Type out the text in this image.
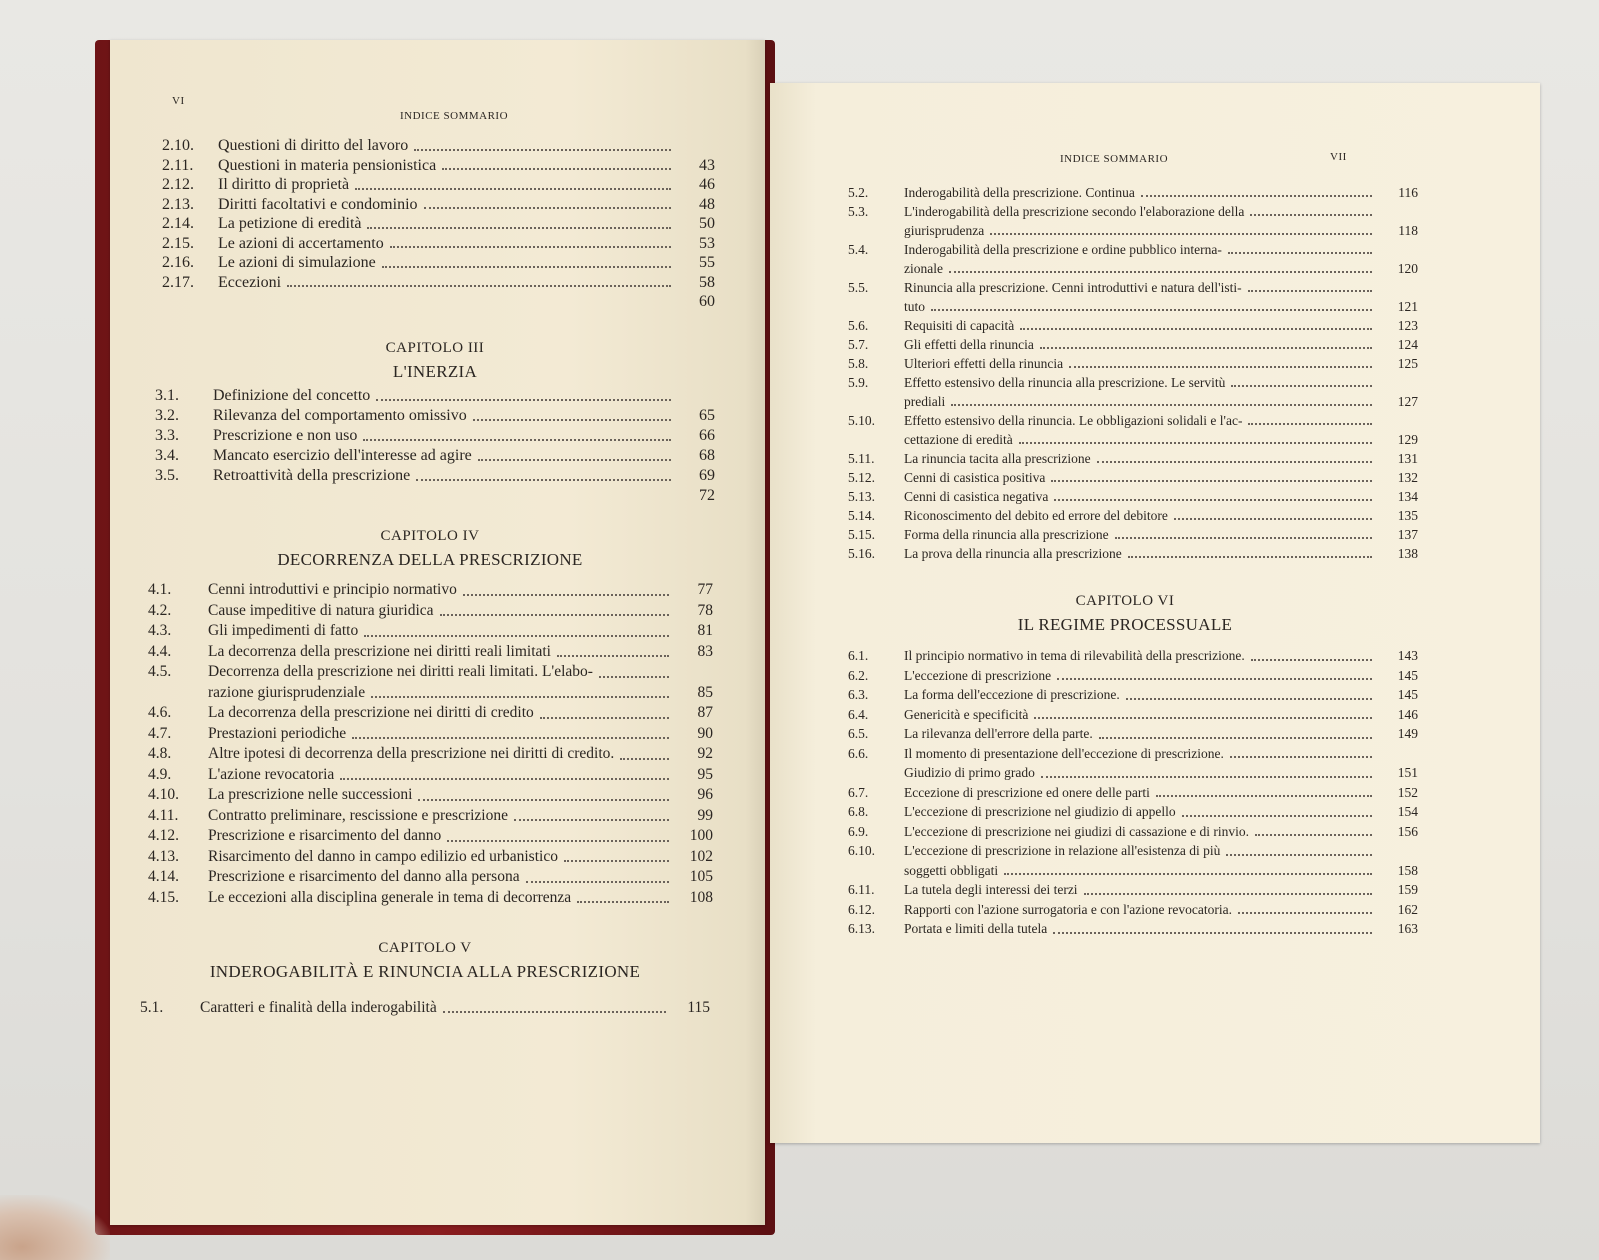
VI
INDICE SOMMARIO
2.10.	Questioni di diritto del lavoro
2.11.	Questioni in materia pensionistica	43
2.12.	Il diritto di proprietà	46
2.13.	Diritti facoltativi e condominio	48
2.14.	La petizione di eredità	50
2.15.	Le azioni di accertamento	53
2.16.	Le azioni di simulazione	55
2.17.	Eccezioni	58
60
CAPITOLO III
L'INERZIA
3.1.	Definizione del concetto
3.2.	Rilevanza del comportamento omissivo	65
3.3.	Prescrizione e non uso	66
3.4.	Mancato esercizio dell'interesse ad agire	68
3.5.	Retroattività della prescrizione	69
72
CAPITOLO IV
DECORRENZA DELLA PRESCRIZIONE
4.1.	Cenni introduttivi e principio normativo	77
4.2.	Cause impeditive di natura giuridica	78
4.3.	Gli impedimenti di fatto	81
4.4.	La decorrenza della prescrizione nei diritti reali limitati	83
4.5.	Decorrenza della prescrizione nei diritti reali limitati. L'elabo-
razione giurisprudenziale	85
4.6.	La decorrenza della prescrizione nei diritti di credito	87
4.7.	Prestazioni periodiche	90
4.8.	Altre ipotesi di decorrenza della prescrizione nei diritti di credito.	92
4.9.	L'azione revocatoria	95
4.10.	La prescrizione nelle successioni	96
4.11.	Contratto preliminare, rescissione e prescrizione	99
4.12.	Prescrizione e risarcimento del danno	100
4.13.	Risarcimento del danno in campo edilizio ed urbanistico	102
4.14.	Prescrizione e risarcimento del danno alla persona	105
4.15.	Le eccezioni alla disciplina generale in tema di decorrenza	108
CAPITOLO V
INDEROGABILITÀ E RINUNCIA ALLA PRESCRIZIONE
5.1.	Caratteri e finalità della inderogabilità	115
INDICE SOMMARIO	VII
5.2.	Inderogabilità della prescrizione. Continua	116
5.3.	L'inderogabilità della prescrizione secondo l'elaborazione della
giurisprudenza	118
5.4.	Inderogabilità della prescrizione e ordine pubblico interna-
zionale	120
5.5.	Rinuncia alla prescrizione. Cenni introduttivi e natura dell'isti-
tuto	121
5.6.	Requisiti di capacità	123
5.7.	Gli effetti della rinuncia	124
5.8.	Ulteriori effetti della rinuncia	125
5.9.	Effetto estensivo della rinuncia alla prescrizione. Le servitù
prediali	127
5.10.	Effetto estensivo della rinuncia. Le obbligazioni solidali e l'ac-
cettazione di eredità	129
5.11.	La rinuncia tacita alla prescrizione	131
5.12.	Cenni di casistica positiva	132
5.13.	Cenni di casistica negativa	134
5.14.	Riconoscimento del debito ed errore del debitore	135
5.15.	Forma della rinuncia alla prescrizione	137
5.16.	La prova della rinuncia alla prescrizione	138
CAPITOLO VI
IL REGIME PROCESSUALE
6.1.	Il principio normativo in tema di rilevabilità della prescrizione.	143
6.2.	L'eccezione di prescrizione	145
6.3.	La forma dell'eccezione di prescrizione.	145
6.4.	Genericità e specificità	146
6.5.	La rilevanza dell'errore della parte.	149
6.6.	Il momento di presentazione dell'eccezione di prescrizione.
Giudizio di primo grado	151
6.7.	Eccezione di prescrizione ed onere delle parti	152
6.8.	L'eccezione di prescrizione nel giudizio di appello	154
6.9.	L'eccezione di prescrizione nei giudizi di cassazione e di rinvio.	156
6.10.	L'eccezione di prescrizione in relazione all'esistenza di più
soggetti obbligati	158
6.11.	La tutela degli interessi dei terzi	159
6.12.	Rapporti con l'azione surrogatoria e con l'azione revocatoria.	162
6.13.	Portata e limiti della tutela	163
